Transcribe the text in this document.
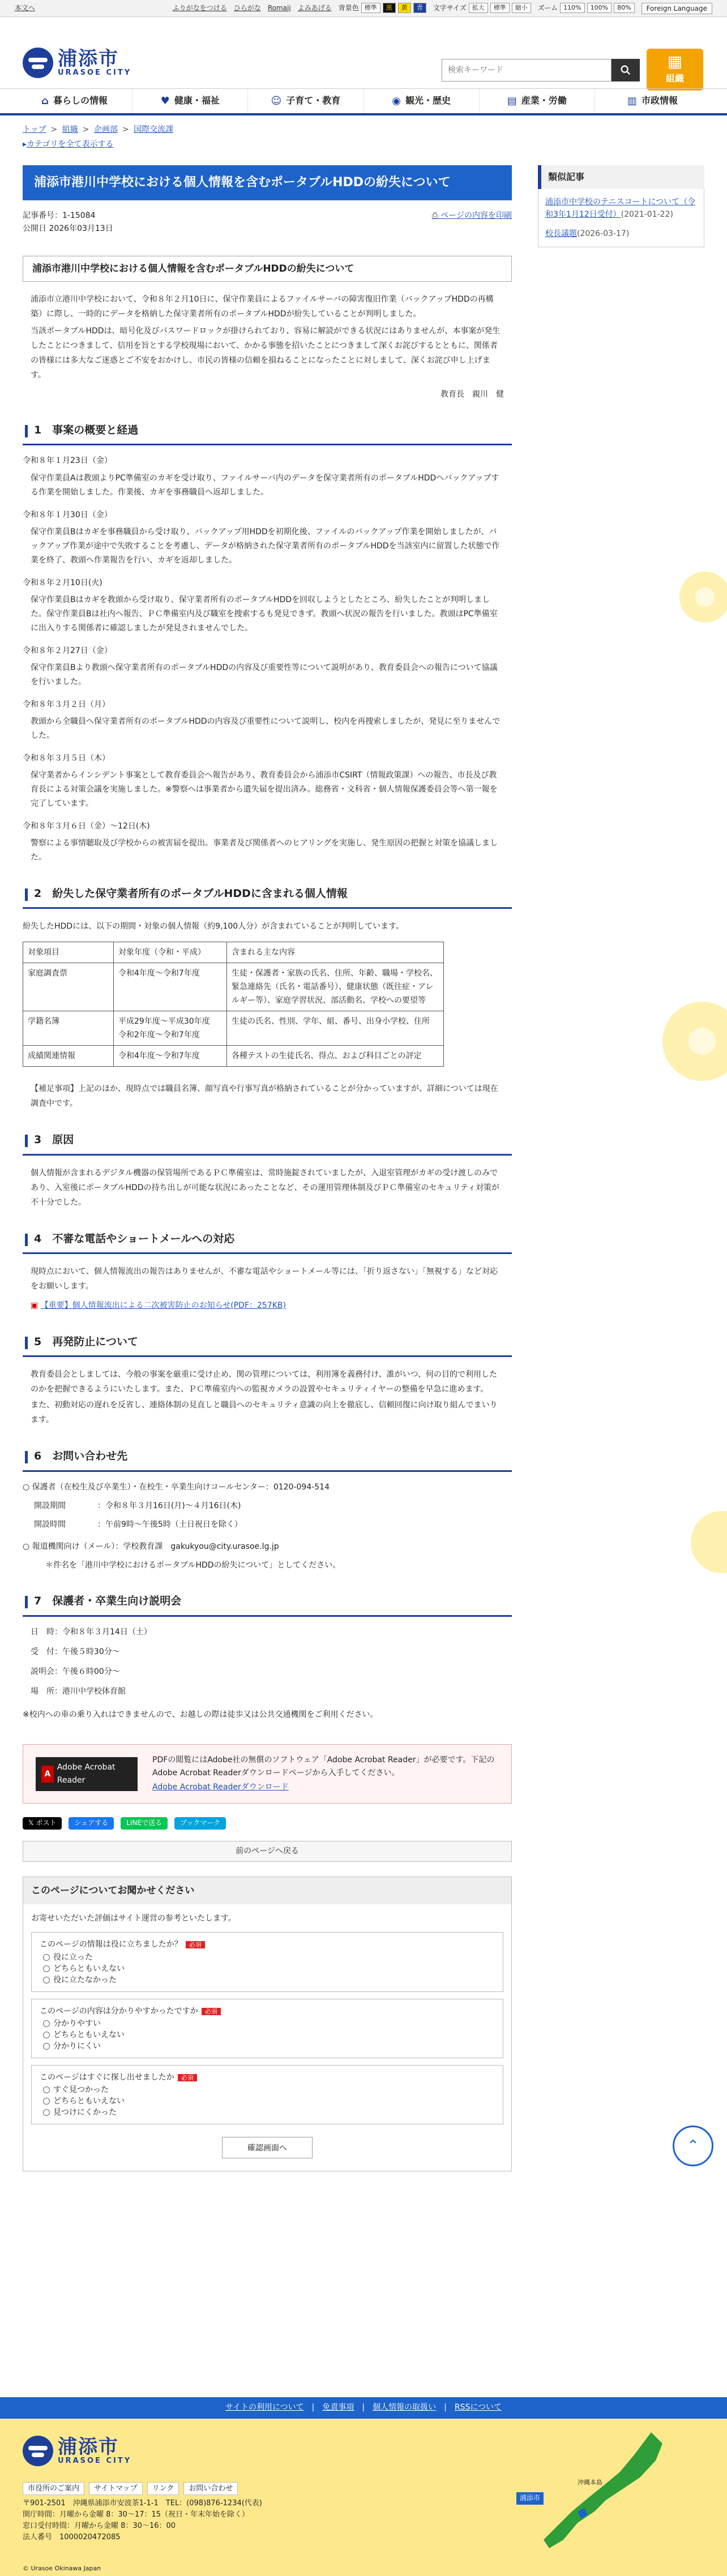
本文へ	ふりがなをつける ひらがな Romaji よみあげる 背景色 標準	黒	黄	青	文字サイズ 拡大	標準	縮小	ズーム 110%	100%	80%	Foreign Language
浦添市
URASOE CITY
検索キーワード
▦
組織
⌂ 暮らしの情報	♥ 健康・福祉	☺ 子育て・教育	◉ 観光・歴史	▤ 産業・労働	▥ 市政情報
トップ > 組織 > 企画部 > 国際交流課
▸カテゴリを全て表示する
浦添市港川中学校における個人情報を含むポータブルHDDの紛失について
記事番号：1-15084
公開日 2026年03月13日
⎙ ページの内容を印刷
浦添市港川中学校における個人情報を含むポータブルHDDの紛失について

浦添市立港川中学校において、令和８年２月10日に、保守作業員によるファイルサーバの障害復旧作業（バックアップHDDの再構築）に際し、一時的にデータを格納した保守業者所有のポータブルHDDが紛失していることが判明しました。

当該ポータブルHDDは、暗号化及びパスワードロックが掛けられており、容易に解読ができる状況にはありませんが、本事案が発生したことにつきまして、信用を旨とする学校現場において、かかる事態を招いたことにつきまして深くお詫びするとともに、関係者の皆様には多大なご迷惑とご不安をおかけし、市民の皆様の信頼を損ねることになったことに対しまして、深くお詫び申し上げます。

教育長　親川　健
1　事案の概要と経過
令和８年１月23日（金）
保守作業員Aは教頭よりPC準備室のカギを受け取り、ファイルサーバ内のデータを保守業者所有のポータブルHDDへバックアップする作業を開始しました。作業後、カギを事務職員へ返却しました。
令和８年１月30日（金）
保守作業員Bはカギを事務職員から受け取り、バックアップ用HDDを初期化後、ファイルのバックアップ作業を開始しましたが、バックアップ作業が途中で失敗することを考慮し、データが格納された保守業者所有のポータブルHDDを当該室内に留置した状態で作業を終了、教頭へ作業報告を行い、カギを返却しました。
令和８年２月10日(火)
保守作業員Bはカギを教頭から受け取り、保守業者所有のポータブルHDDを回収しようとしたところ、紛失したことが判明しました。保守作業員Bは社内へ報告、ＰＣ準備室内及び職室を捜索するも発見できず。教頭へ状況の報告を行いました。教頭はPC準備室に出入りする関係者に確認しましたが発見されませんでした。
令和８年２月27日（金）
保守作業員Bより教頭へ保守業者所有のポータブルHDDの内容及び重要性等について説明があり、教育委員会への報告について協議を行いました。
令和８年３月２日（月）
教頭から全職員へ保守業者所有のポータブルHDDの内容及び重要性について説明し、校内を再捜索しましたが、発見に至りませんでした。
令和８年３月５日（木）
保守業者からインシデント事案として教育委員会へ報告があり、教育委員会から浦添市CSIRT（情報政策課）への報告、市長及び教育長による対策会議を実施しました。※警察へは事業者から遺失届を提出済み。総務省・文科省・個人情報保護委員会等へ第一報を完了しています。
令和８年３月６日（金）～12日(木)
警察による事情聴取及び学校からの被害届を提出。事業者及び関係者へのヒアリングを実施し、発生原因の把握と対策を協議しました。
2　紛失した保守業者所有のポータブルHDDに含まれる個人情報

紛失したHDDには、以下の期間・対象の個人情報（約9,100人分）が含まれていることが判明しています。

対象項目	対象年度（令和・平成）	含まれる主な内容
家庭調査票	令和4年度～令和7年度	生徒・保護者・家族の氏名、住所、年齢、職場・学校名、緊急連絡先（氏名・電話番号）、健康状態（既往症・アレルギー等）、家庭学習状況、部活動名、学校への要望等
学籍名簿	平成29年度～平成30年度　令和2年度～令和7年度	生徒の氏名、性別、学年、組、番号、出身小学校、住所
成績関連情報	令和4年度～令和7年度	各種テストの生徒氏名、得点、および科目ごとの評定

【補足事項】上記のほか、現時点では職員名簿、顔写真や行事写真が格納されていることが分かっていますが、詳細については現在調査中です。

3　原因

個人情報が含まれるデジタル機器の保管場所であるＰＣ準備室は、常時施錠されていましたが、入退室管理がカギの受け渡しのみであり、入室後にポータブルHDDの持ち出しが可能な状況にあったことなど、その運用管理体制及びＰＣ準備室のセキュリティ対策が不十分でした。

4　不審な電話やショートメールへの対応

現時点において、個人情報流出の報告はありませんが、不審な電話やショートメール等には、「折り返さない」「無視する」など対応をお願いします。

▣ 【重要】個人情報流出による二次被害防止のお知らせ(PDF：257KB)

5　再発防止について

教育委員会としましては、今般の事案を厳重に受け止め、関の管理については、利用簿を義務付け、誰がいつ、何の目的で利用したのかを把握できるようにいたします。また、ＰＣ準備室内への監視カメラの設置やセキュリティイヤーの整備を早急に進めます。

また、初動対応の遅れを反省し、連絡体制の見直しと職員へのセキュリティ意識の向上を徹底し、信頼回復に向け取り組んでまいります。

6　お問い合わせ先
○ 保護者（在校生及び卒業生）・在校生・卒業生向けコールセンター：0120-094-514
開設期間　　　　：令和８年３月16日(月)～４月16日(木)
開設時間　　　　：午前9時～午後5時（土日祝日を除く）
○ 報道機関向け（メール）：学校教育課　gakukyou@city.urasoe.lg.jp
＊件名を「港川中学校におけるポータブルHDDの紛失について」としてください。
7　保護者・卒業生向け説明会
日　時：令和８年３月14日（土）
受　付：午後５時30分～
説明会：午後６時00分～
場　所：港川中学校体育館
※校内への車の乗り入れはできませんので、お越しの際は徒歩又は公共交通機関をご利用ください。
A
Adobe Acrobat Reader
PDFの閲覧にはAdobe社の無償のソフトウェア「Adobe Acrobat Reader」が必要です。下記のAdobe Acrobat Readerダウンロードページから入手してください。
Adobe Acrobat Readerダウンロード
𝕏 ポスト	シェアする	LINEで送る	ブックマーク
前のページへ戻る
このページについてお聞かせください
お寄せいただいた評価はサイト運営の参考といたします。
このページの情報は役に立ちましたか？ 必須
役に立った
どちらともいえない
役に立たなかった
このページの内容は分かりやすかったですか 必須
分かりやすい
どちらともいえない
分かりにくい
このページはすぐに探し出せましたか 必須
すぐ見つかった
どちらともいえない
見つけにくかった
確認画面へ
類似記事
浦添市中学校のテニスコートについて（令和3年1月12日受付）(2021-01-22)
校長議題(2026-03-17)
⌃
サイトの利用について | 免責事項 | 個人情報の取扱い | RSSについて
浦添市
URASOE CITY
市役所のご案内	サイトマップ	リンク	お問い合わせ
〒901-2501　沖縄県浦添市安波茶1-1-1　TEL：(098)876-1234(代表)
開庁時間：月曜から金曜 8：30～17：15（祝日・年末年始を除く）
窓口受付時間：月曜から金曜 8：30～16：00
法人番号　1000020472085
© Urasoe Okinawa Japan
浦添市
沖縄本島
